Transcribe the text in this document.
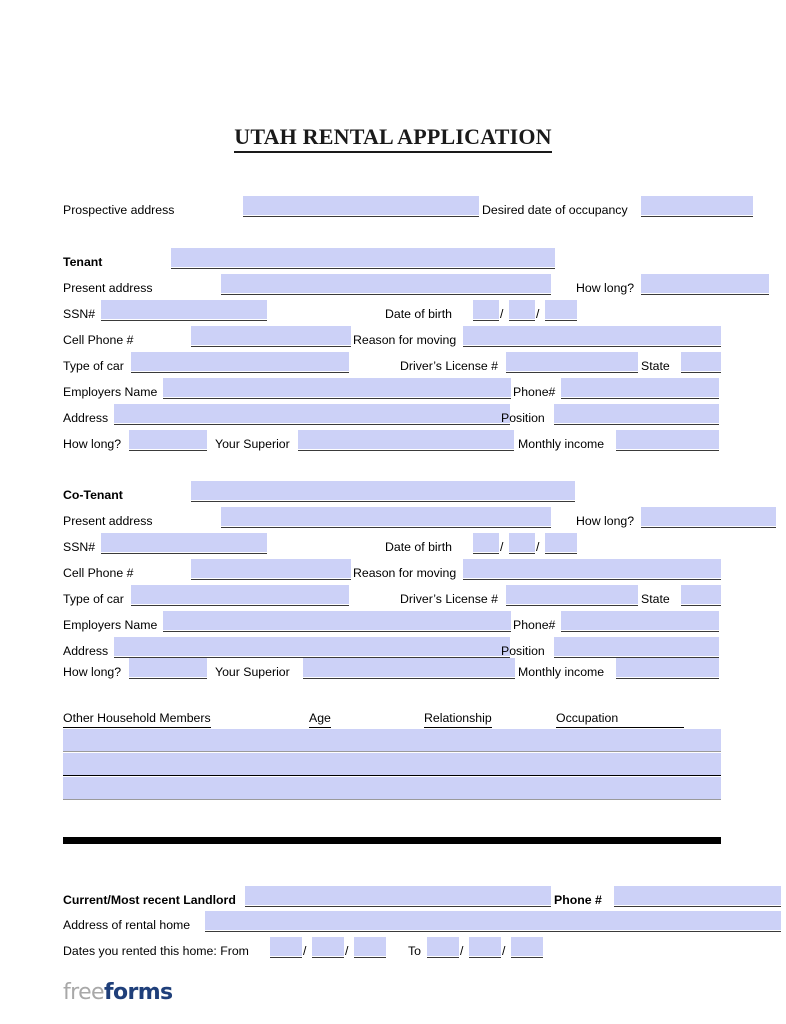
UTAH RENTAL APPLICATION
Prospective address	Desired date of occupancy
Tenant
Present address	How long?
SSN#	Date of birth	/	/
Cell Phone #	Reason for moving
Type of car	Driver’s License #	State
Employers Name	Phone#
Address	Position
How long?	Your Superior	Monthly income
Co-Tenant
Present address	How long?
SSN#	Date of birth	/	/
Cell Phone #	Reason for moving
Type of car	Driver’s License #	State
Employers Name	Phone#
Address	Position
How long?	Your Superior	Monthly income
Other Household Members	Age	Relationship	Occupation
Current/Most recent Landlord	Phone #
Address of rental home
Dates you rented this home: From	/	/	To	/	/
freeforms
